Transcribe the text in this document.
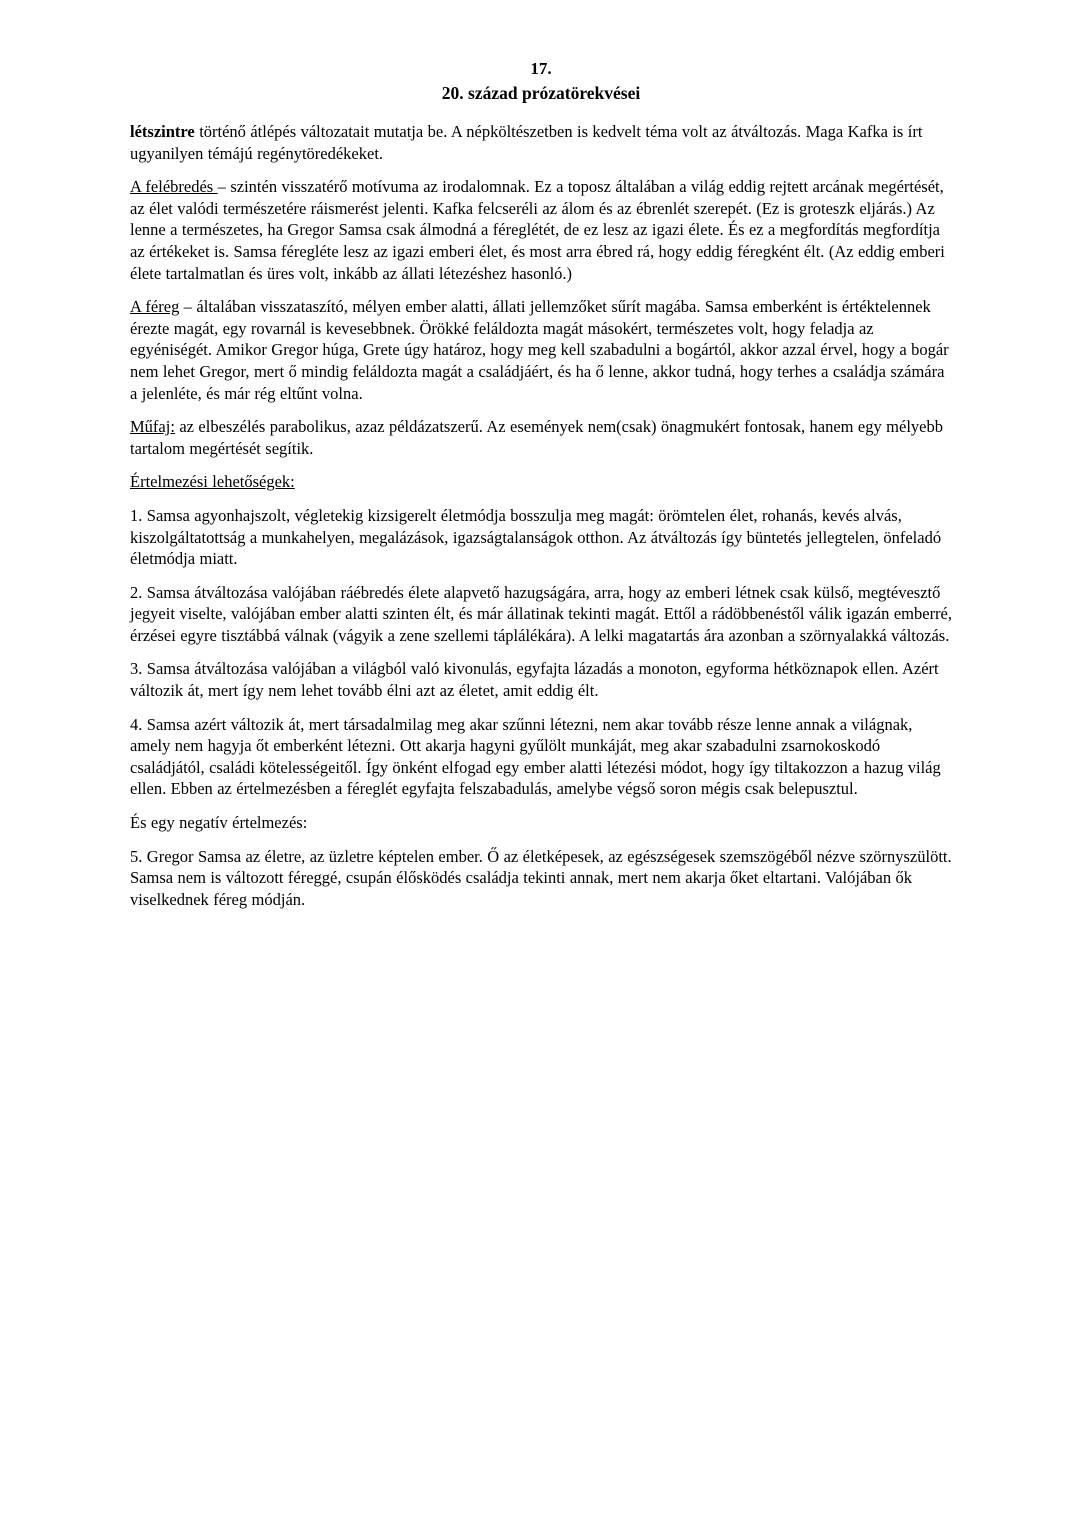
17.

20. század prózatörekvései

létszintre történő átlépés változatait mutatja be. A népköltészetben is kedvelt téma volt az átváltozás. Maga Kafka is írt ugyanilyen témájú regénytöredékeket.

A felébredés – szintén visszatérő motívuma az irodalomnak. Ez a toposz általában a világ eddig rejtett arcának megértését, az élet valódi természetére ráismerést jelenti. Kafka felcseréli az álom és az ébrenlét szerepét. (Ez is groteszk eljárás.) Az lenne a természetes, ha Gregor Samsa csak álmodná a féreglétét, de ez lesz az igazi élete. És ez a megfordítás megfordítja az értékeket is. Samsa féregléte lesz az igazi emberi élet, és most arra ébred rá, hogy eddig féregként élt. (Az eddig emberi élete tartalmatlan és üres volt, inkább az állati létezéshez hasonló.)

A féreg – általában visszataszító, mélyen ember alatti, állati jellemzőket sűrít magába. Samsa emberként is értéktelennek érezte magát, egy rovarnál is kevesebbnek. Örökké feláldozta magát másokért, természetes volt, hogy feladja az egyéniségét. Amikor Gregor húga, Grete úgy határoz, hogy meg kell szabadulni a bogártól, akkor azzal érvel, hogy a bogár nem lehet Gregor, mert ő mindig feláldozta magát a családjáért, és ha ő lenne, akkor tudná, hogy terhes a családja számára a jelenléte, és már rég eltűnt volna.

Műfaj: az elbeszélés parabolikus, azaz példázatszerű. Az események nem(csak) önagmukért fontosak, hanem egy mélyebb tartalom megértését segítik.

Értelmezési lehetőségek:

1. Samsa agyonhajszolt, végletekig kizsigerelt életmódja bosszulja meg magát: örömtelen élet, rohanás, kevés alvás, kiszolgáltatottság a munkahelyen, megalázások, igazságtalanságok otthon. Az átváltozás így büntetés jellegtelen, önfeladó életmódja miatt.

2. Samsa átváltozása valójában ráébredés élete alapvető hazugságára, arra, hogy az emberi létnek csak külső, megtévesztő jegyeit viselte, valójában ember alatti szinten élt, és már állatinak tekinti magát. Ettől a rádöbbenéstől válik igazán emberré, érzései egyre tisztábbá válnak (vágyik a zene szellemi táplálékára). A lelki magatartás ára azonban a szörnyalakká változás.

3. Samsa átváltozása valójában a világból való kivonulás, egyfajta lázadás a monoton, egyforma hétköznapok ellen. Azért változik át, mert így nem lehet tovább élni azt az életet, amit eddig élt.

4. Samsa azért változik át, mert társadalmilag meg akar szűnni létezni, nem akar tovább része lenne annak a világnak, amely nem hagyja őt emberként létezni. Ott akarja hagyni gyűlölt munkáját, meg akar szabadulni zsarnokoskodó családjától, családi kötelességeitől. Így önként elfogad egy ember alatti létezési módot, hogy így tiltakozzon a hazug világ ellen. Ebben az értelmezésben a féreglét egyfajta felszabadulás, amelybe végső soron mégis csak belepusztul.

És egy negatív értelmezés:

5. Gregor Samsa az életre, az üzletre képtelen ember. Ő az életképesek, az egészségesek szemszögéből nézve szörnyszülött. Samsa nem is változott féreggé, csupán élősködés családja tekinti annak, mert nem akarja őket eltartani. Valójában ők viselkednek féreg módján.
